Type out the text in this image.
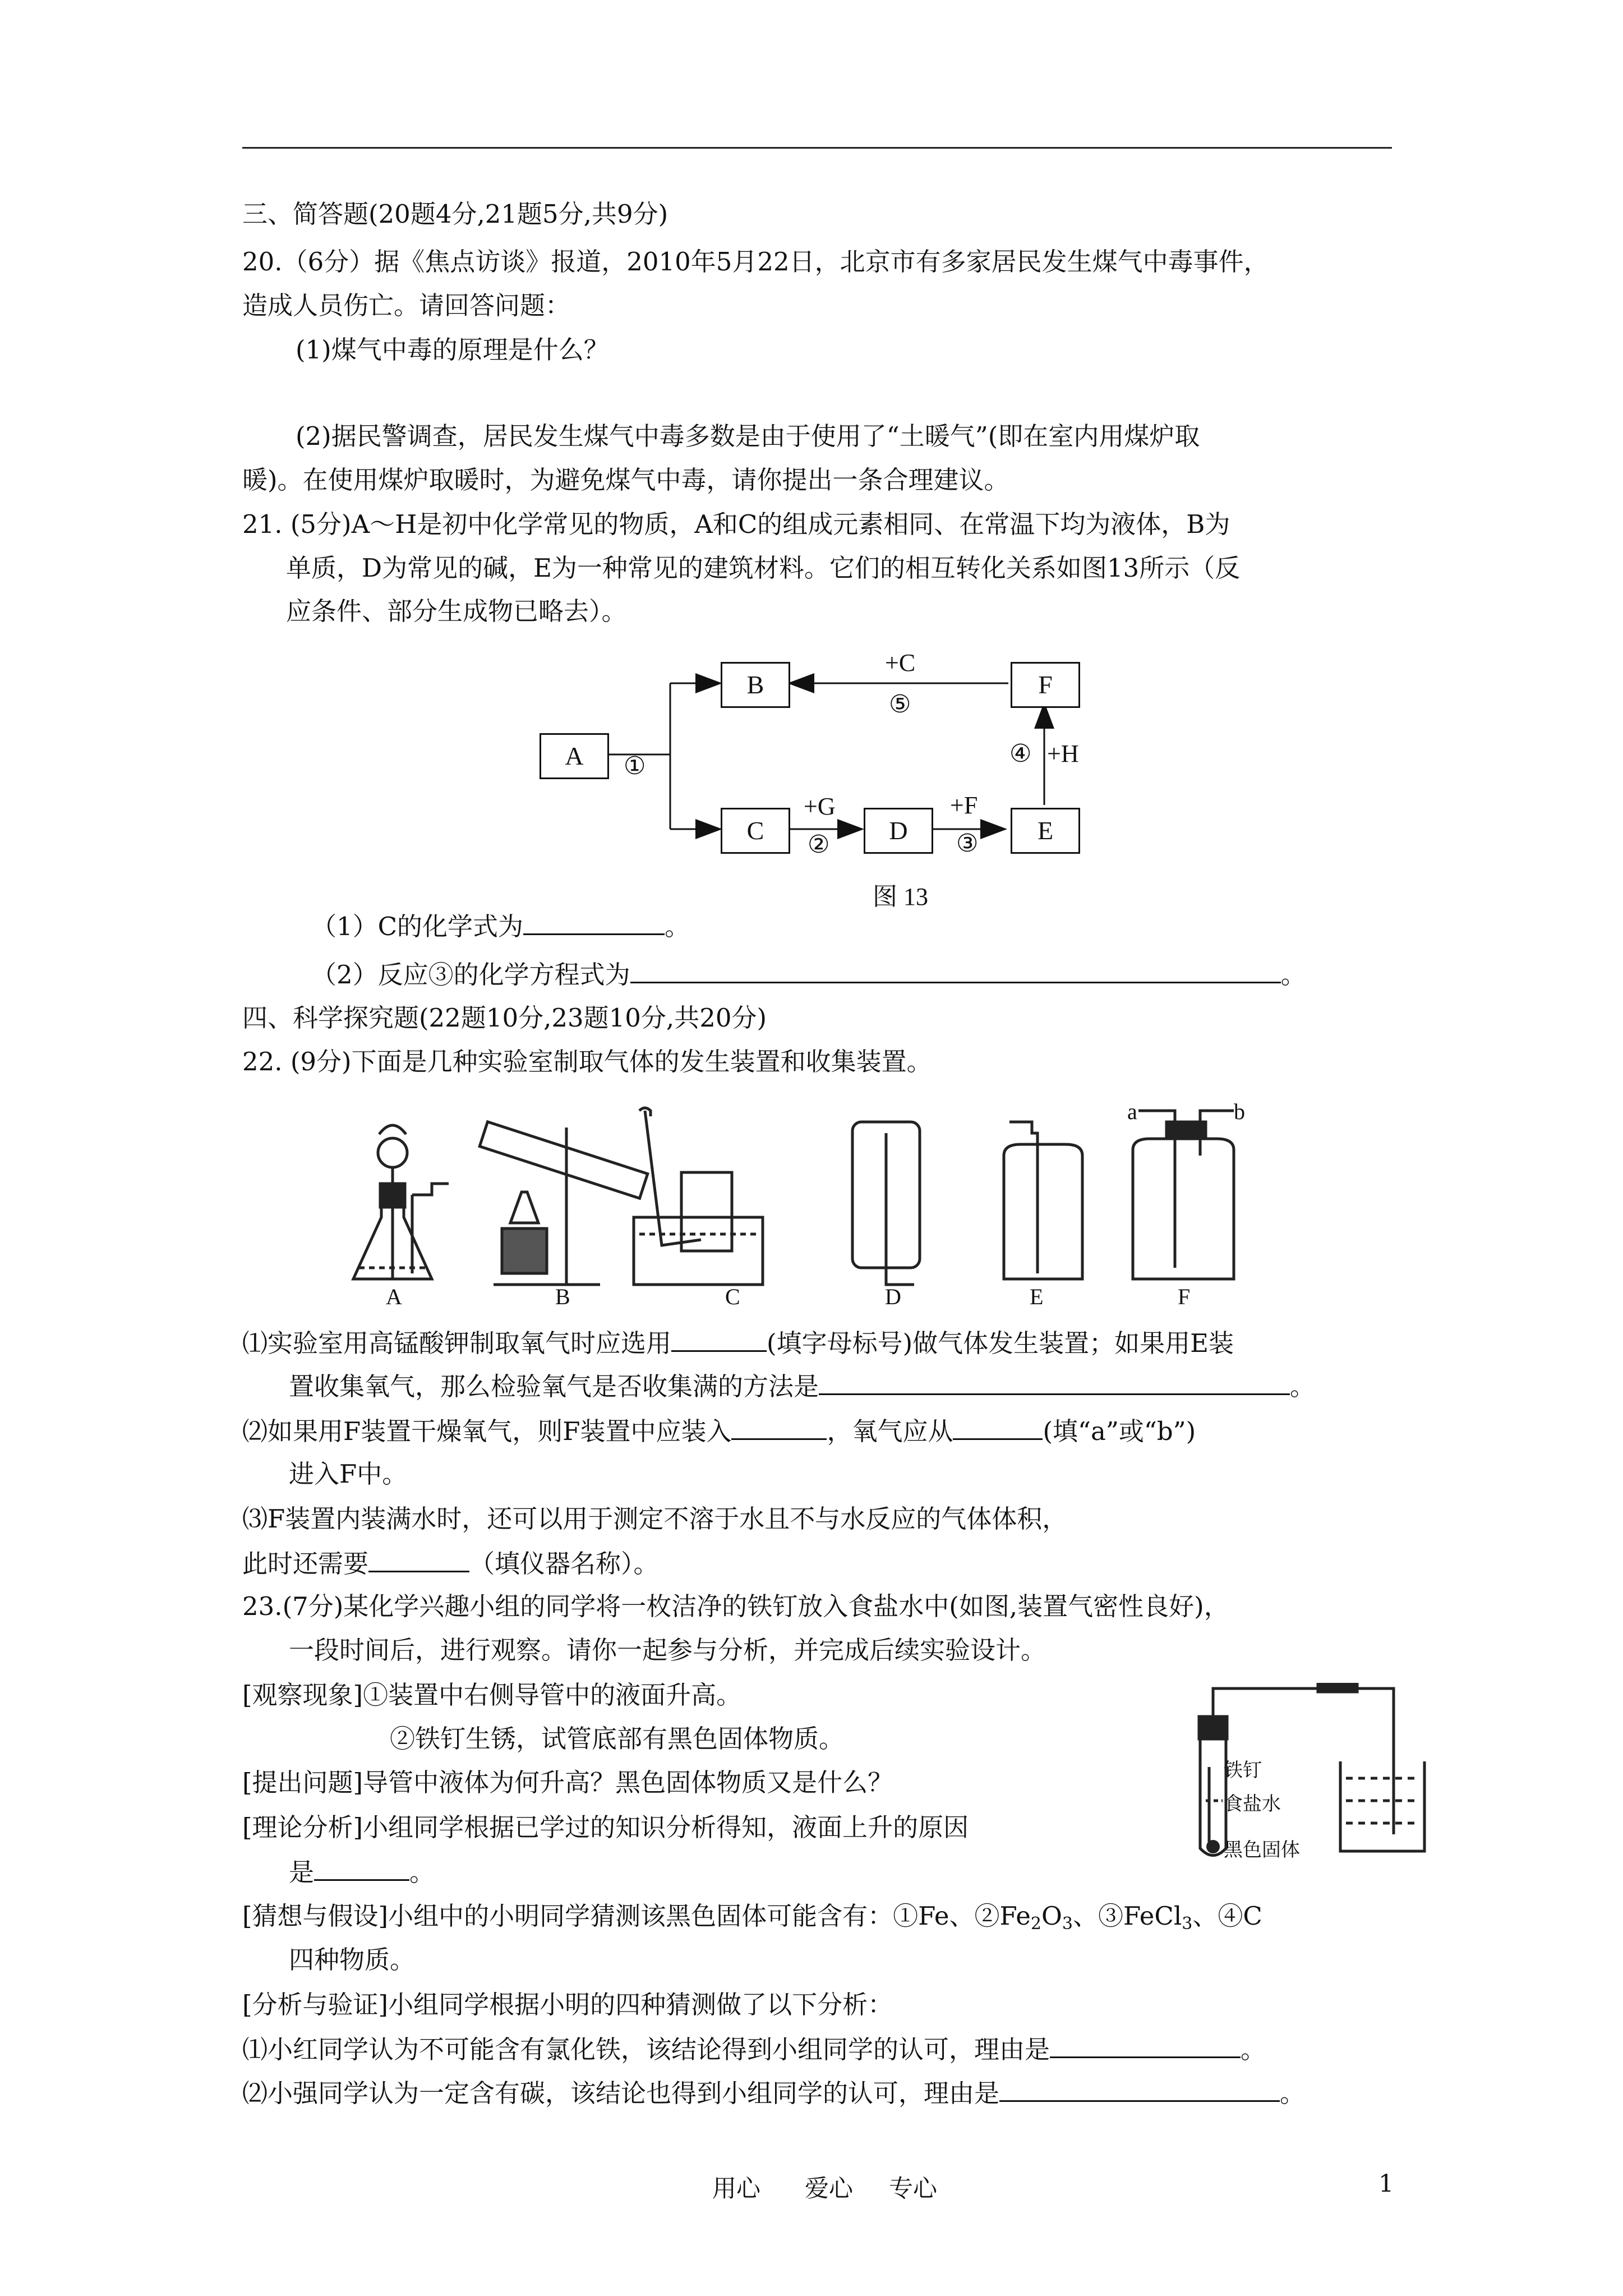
三、简答题(20题4分,21题5分,共9分)
20.（6分）据《焦点访谈》报道，2010年5月22日，北京市有多家居民发生煤气中毒事件，
造成人员伤亡。请回答问题：
(1)煤气中毒的原理是什么？
(2)据民警调查，居民发生煤气中毒多数是由于使用了“土暖气”(即在室内用煤炉取
暖)。在使用煤炉取暖时，为避免煤气中毒，请你提出一条合理建议。
21. (5分)A～H是初中化学常见的物质，A和C的组成元素相同、在常温下均为液体，B为
单质，D为常见的碱，E为一种常见的建筑材料。它们的相互转化关系如图13所示（反
应条件、部分生成物已略去）。
A
B
C	D	E
F
①
+G
②
+F
③
④ +H
+C
⑤
图 13
（1）C的化学式为	。
（2）反应③的化学方程式为	。
四、科学探究题(22题10分,23题10分,共20分)
22. (9分)下面是几种实验室制取气体的发生装置和收集装置。
a	b
A	B	C	D	E	F
⑴实验室用高锰酸钾制取氧气时应选用	(填字母标号)做气体发生装置；如果用E装
置收集氧气，那么检验氧气是否收集满的方法是	。
⑵如果用F装置干燥氧气，则F装置中应装入	，氧气应从	(填“a”或“b”)
进入F中。
⑶F装置内装满水时，还可以用于测定不溶于水且不与水反应的气体体积，
此时还需要	（填仪器名称）。
23.(7分)某化学兴趣小组的同学将一枚洁净的铁钉放入食盐水中(如图,装置气密性良好)，
一段时间后，进行观察。请你一起参与分析，并完成后续实验设计。
[观察现象]①装置中右侧导管中的液面升高。
②铁钉生锈，试管底部有黑色固体物质。
[提出问题]导管中液体为何升高？黑色固体物质又是什么？
[理论分析]小组同学根据已学过的知识分析得知，液面上升的原因
是	。
[猜想与假设]小组中的小明同学猜测该黑色固体可能含有：①Fe、$②Fe_2O_3$、③FeCl$_3$、④C
四种物质。
[分析与验证]小组同学根据小明的四种猜测做了以下分析：
⑴小红同学认为不可能含有氯化铁，该结论得到小组同学的认可，理由是	。
⑵小强同学认为一定含有碳，该结论也得到小组同学的认可，理由是	。
铁钉
食盐水
黑色固体
用心 爱心 专心	1
